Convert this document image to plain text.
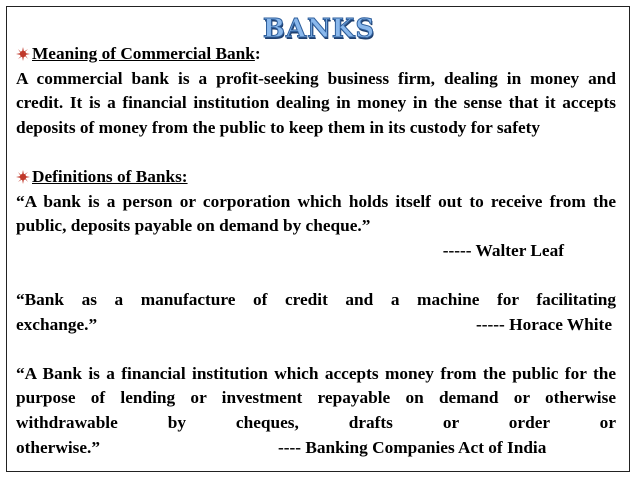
BANKS
Meaning of Commercial Bank :
A commercial bank is a profit-seeking business firm, dealing in money and credit. It is a financial institution dealing in money in the sense that it accepts deposits of money from the public to keep them in its custody for safety
Definitions of Banks:
“A bank is a person or corporation which holds itself out to receive from the public, deposits payable on demand by cheque.”
----- Walter Leaf
“Bank as a manufacture of credit and a machine for facilitating
exchange.”	----- Horace White
“A Bank is a financial institution which accepts money from the public for the purpose of lending or investment repayable on demand or otherwise withdrawable by cheques, drafts or order or
otherwise.”	---- Banking Companies Act of India
